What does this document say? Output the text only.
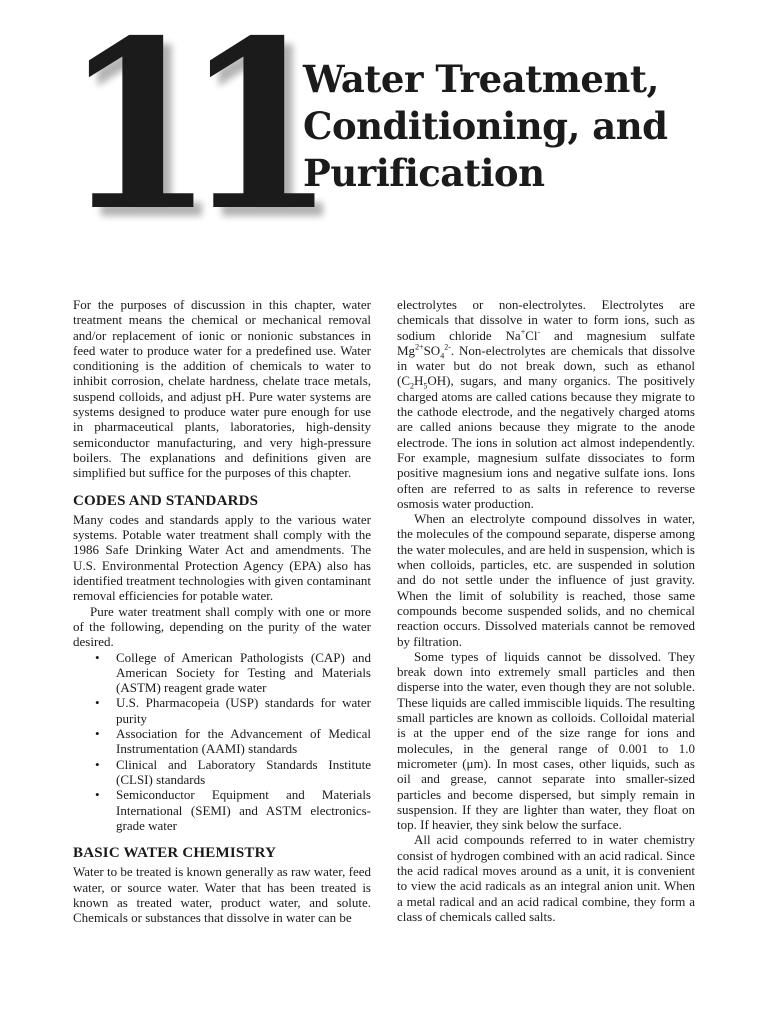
11
Water Treatment, Conditioning, and Purification

For the purposes of discussion in this chapter, water treatment means the chemical or mechanical removal and/or replacement of ionic or nonionic substances in feed water to produce water for a predefined use. Water conditioning is the addition of chemicals to water to inhibit corrosion, chelate hardness, chelate trace metals, suspend colloids, and adjust pH. Pure water systems are systems designed to produce water pure enough for use in pharmaceutical plants, laboratories, high-density semiconductor manufacturing, and very high-pressure boilers. The explanations and definitions given are simplified but suffice for the purposes of this chapter.

CODES AND STANDARDS

Many codes and standards apply to the various water systems. Potable water treatment shall comply with the 1986 Safe Drinking Water Act and amendments. The U.S. Environmental Protection Agency (EPA) also has identified treatment technologies with given contaminant removal efficiencies for potable water.

Pure water treatment shall comply with one or more of the following, depending on the purity of the water desired.

• College of American Pathologists (CAP) and American Society for Testing and Materials (ASTM) reagent grade water
• U.S. Pharmacopeia (USP) standards for water purity
• Association for the Advancement of Medical Instrumentation (AAMI) standards
• Clinical and Laboratory Standards Institute (CLSI) standards
• Semiconductor Equipment and Materials International (SEMI) and ASTM electronics-grade water
BASIC WATER CHEMISTRY

Water to be treated is known generally as raw water, feed water, or source water. Water that has been treated is known as treated water, product water, and solute. Chemicals or substances that dissolve in water can be

electrolytes or non-electrolytes. Electrolytes are chemicals that dissolve in water to form ions, such as sodium chloride Na+Cl- and magnesium sulfate $Mg^{2+}SO_4^{2-}$. Non-electrolytes are chemicals that dissolve in water but do not break down, such as ethanol $(C_2H_5OH)$, sugars, and many organics. The positively charged atoms are called cations because they migrate to the cathode electrode, and the negatively charged atoms are called anions because they migrate to the anode electrode. The ions in solution act almost independently. For example, magnesium sulfate dissociates to form positive magnesium ions and negative sulfate ions. Ions often are referred to as salts in reference to reverse osmosis water production.

When an electrolyte compound dissolves in water, the molecules of the compound separate, disperse among the water molecules, and are held in suspension, which is when colloids, particles, etc. are suspended in solution and do not settle under the influence of just gravity. When the limit of solubility is reached, those same compounds become suspended solids, and no chemical reaction occurs. Dissolved materials cannot be removed by filtration.

Some types of liquids cannot be dissolved. They break down into extremely small particles and then disperse into the water, even though they are not soluble. These liquids are called immiscible liquids. The resulting small particles are known as colloids. Colloidal material is at the upper end of the size range for ions and molecules, in the general range of 0.001 to 1.0 micrometer (μm). In most cases, other liquids, such as oil and grease, cannot separate into smaller-sized particles and become dispersed, but simply remain in suspension. If they are lighter than water, they float on top. If heavier, they sink below the surface.

All acid compounds referred to in water chemistry consist of hydrogen combined with an acid radical. Since the acid radical moves around as a unit, it is convenient to view the acid radicals as an integral anion unit. When a metal radical and an acid radical combine, they form a class of chemicals called salts.
